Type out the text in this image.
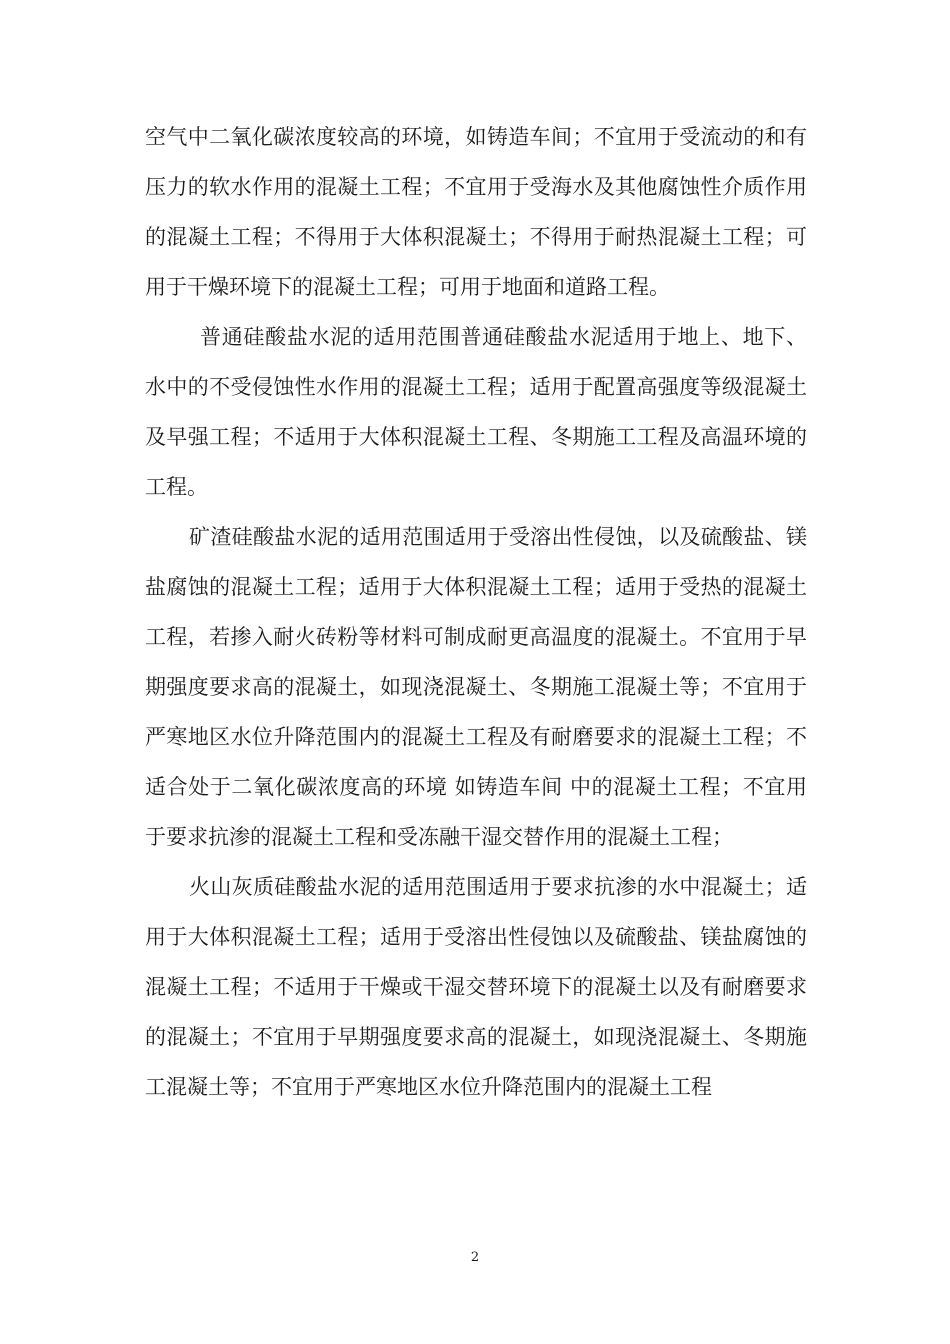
空气中二氧化碳浓度较高的环境，如铸造车间；不宜用于受流动的和有压力的软水作用的混凝土工程；不宜用于受海水及其他腐蚀性介质作用的混凝土工程；不得用于大体积混凝土；不得用于耐热混凝土工程；可用于干燥环境下的混凝土工程；可用于地面和道路工程。

普通硅酸盐水泥的适用范围普通硅酸盐水泥适用于地上、地下、水中的不受侵蚀性水作用的混凝土工程；适用于配置高强度等级混凝土及早强工程；不适用于大体积混凝土工程、冬期施工工程及高温环境的工程。

矿渣硅酸盐水泥的适用范围适用于受溶出性侵蚀，以及硫酸盐、镁盐腐蚀的混凝土工程；适用于大体积混凝土工程；适用于受热的混凝土工程，若掺入耐火砖粉等材料可制成耐更高温度的混凝土。不宜用于早期强度要求高的混凝土，如现浇混凝土、冬期施工混凝土等；不宜用于严寒地区水位升降范围内的混凝土工程及有耐磨要求的混凝土工程；不适合处于二氧化碳浓度高的环境 如铸造车间 中的混凝土工程；不宜用于要求抗渗的混凝土工程和受冻融干湿交替作用的混凝土工程；

火山灰质硅酸盐水泥的适用范围适用于要求抗渗的水中混凝土；适用于大体积混凝土工程；适用于受溶出性侵蚀以及硫酸盐、镁盐腐蚀的混凝土工程；不适用于干燥或干湿交替环境下的混凝土以及有耐磨要求的混凝土；不宜用于早期强度要求高的混凝土，如现浇混凝土、冬期施工混凝土等；不宜用于严寒地区水位升降范围内的混凝土工程

2
